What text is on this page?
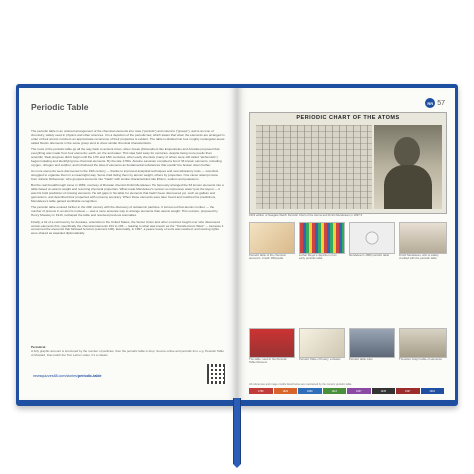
Periodic Table

The periodic table is an ordered arrangement of the chemical elements into rows ("periods") and columns ("groups"), and is an icon of chemistry, widely used in physics and other sciences. It is a depiction of the periodic law, which states that when the elements are arranged in order of their atomic numbers an approximate recurrence of their properties is evident. The table is divided into four roughly rectangular areas called blocks. Elements in the same group tend to show similar chemical characteristics.

The roots of the periodic table go all the way back to ancient times, when Greek philosophers like Empedocles and Aristotle proposed that everything was made from four elements: earth, air, fire and water. This idea held sway for centuries, despite being more poetic than scientific. Real progress didn't begin until the 17th and 18th centuries, when early chemists (many of whom were still called "alchemists") began isolating and identifying true chemical elements. By the late 1700s, Antoine Lavoisier compiled a list of 33 known elements, including oxygen, nitrogen and sulphur, and introduced the idea of elements as fundamental substances that couldn't be broken down further.

As more elements were discovered in the 19th century — thanks to improved analytical techniques and new laboratory tools — scientists struggled to organise them in a meaningful way. Some tried listing them by atomic weight, others by properties. One clever attempt came from Johann Döbereiner, who grouped elements into "triads" with similar characteristics like lithium, sodium and potassium.

But the real breakthrough came in 1869, courtesy of Russian chemist Dmitri Mendeleev. He famously arranged the 63 known elements into a table based on atomic weight and recurring chemical properties. What made Mendeleev's version so impressive wasn't just the layout — it was his bold prediction of missing elements. He left gaps in his table for elements that hadn't been discovered yet, such as gallium and germanium, and described their properties with uncanny accuracy. When these elements were later found and matched his predictions, Mendeleev's table gained worldwide recognition.

The periodic table evolved further in the 20th century with the discovery of subatomic particles. It turned out that atomic number — the number of protons in an atom's nucleus — was a more accurate way to arrange elements than atomic weight. This revision, proposed by Henry Moseley in 1913, reshaped the table and resolved previous anomalies.

Finally, a bit of a controversy for decades, scientists in the United States, the Soviet Union and other countries fought over who discovered certain elements first, specifically the chemical elements 104 to 106 — leading to what was known as the "Transfermium Wars" — because it concerned the elements that followed fermium (element 100). Eventually, in 1997, a peace treaty of sorts was reached, and naming rights were shared as awarded diplomatically.

Periodical
A fully graphic account is structured by the number of particles, then the periodic table is drop. Source online and periodic font, e.g. Periodic Table of Mustard, that match the Tom Lehrer video. It's a classic.
newsquizzes88.com/stories/periodic-table
RR 57
PERIODIC CHART OF THE ATOMS
1919 edition of Seagate Welch Periodic Chart of the Atoms and Dmitri Mendeleev in 1897 #
Periodic table of the chemical elements. Credit: Wikipedia
Lothar Meyer's depiction of an early periodic table
Mendeleev's 1869 periodic table	Dmitri Mendeleev, who is widely credited with the periodic table
The table, used in the Periodic Table Museum
Periodic Table of Poetry, a classic	Periodic table cube	Theodore Gray's table of elements
All references and image credits listed below are maintained by the content periodic table.
1789	1829	1869	1913	1937	1945	1997	2016
